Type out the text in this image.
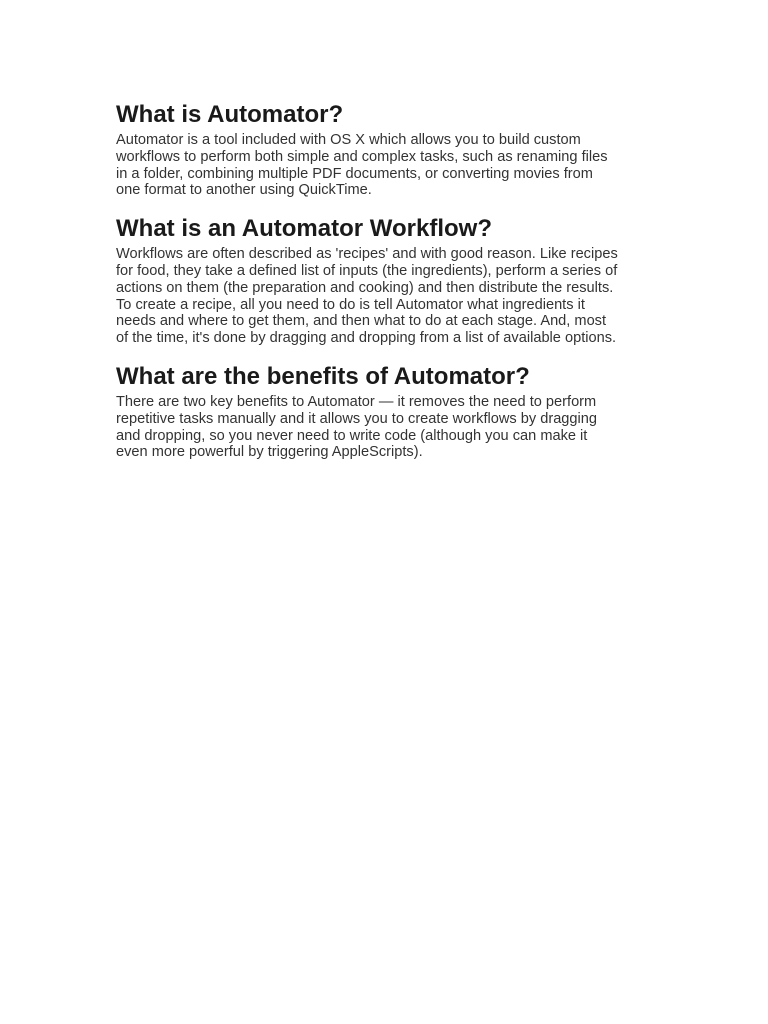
What is Automator?

Automator is a tool included with OS X which allows you to build custom
workflows to perform both simple and complex tasks, such as renaming files
in a folder, combining multiple PDF documents, or converting movies from
one format to another using QuickTime.

What is an Automator Workflow?

Workflows are often described as 'recipes' and with good reason. Like recipes
for food, they take a defined list of inputs (the ingredients), perform a series of
actions on them (the preparation and cooking) and then distribute the results.
To create a recipe, all you need to do is tell Automator what ingredients it
needs and where to get them, and then what to do at each stage. And, most
of the time, it's done by dragging and dropping from a list of available options.

What are the benefits of Automator?

There are two key benefits to Automator — it removes the need to perform
repetitive tasks manually and it allows you to create workflows by dragging
and dropping, so you never need to write code (although you can make it
even more powerful by triggering AppleScripts).
